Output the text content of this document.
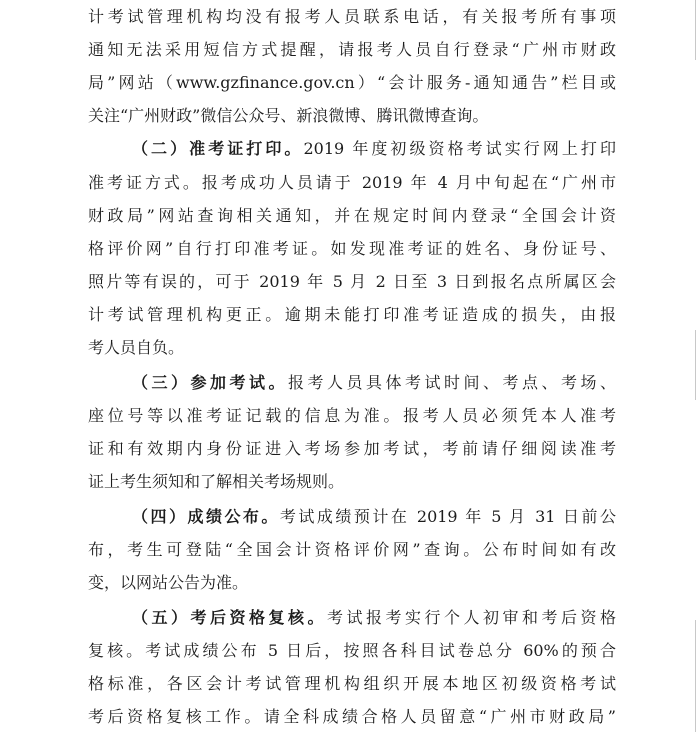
计考试管理机构均没有报考人员联系电话，有关报考所有事项
通知无法采用短信方式提醒，请报考人员自行登录“广州市财政
局”网站（www.gzfinance.gov.cn）“会计服务-通知通告”栏目或
关注“广州财政”微信公众号、新浪微博、腾讯微博查询。
（二）准考证打印。2019 年度初级资格考试实行网上打印
准考证方式。报考成功人员请于 2019 年 4 月中旬起在“广州市
财政局”网站查询相关通知，并在规定时间内登录“全国会计资
格评价网”自行打印准考证。如发现准考证的姓名、身份证号、
照片等有误的，可于 2019 年 5 月 2 日至 3 日到报名点所属区会
计考试管理机构更正。逾期未能打印准考证造成的损失，由报
考人员自负。
（三）参加考试。报考人员具体考试时间、考点、考场、
座位号等以准考证记载的信息为准。报考人员必须凭本人准考
证和有效期内身份证进入考场参加考试，考前请仔细阅读准考
证上考生须知和了解相关考场规则。
（四）成绩公布。考试成绩预计在 2019 年 5 月 31 日前公
布，考生可登陆“全国会计资格评价网”查询。公布时间如有改
变，以网站公告为准。
（五）考后资格复核。考试报考实行个人初审和考后资格
复核。考试成绩公布 5 日后，按照各科目试卷总分 60%的预合
格标准，各区会计考试管理机构组织开展本地区初级资格考试
考后资格复核工作。请全科成绩合格人员留意“广州市财政局”
